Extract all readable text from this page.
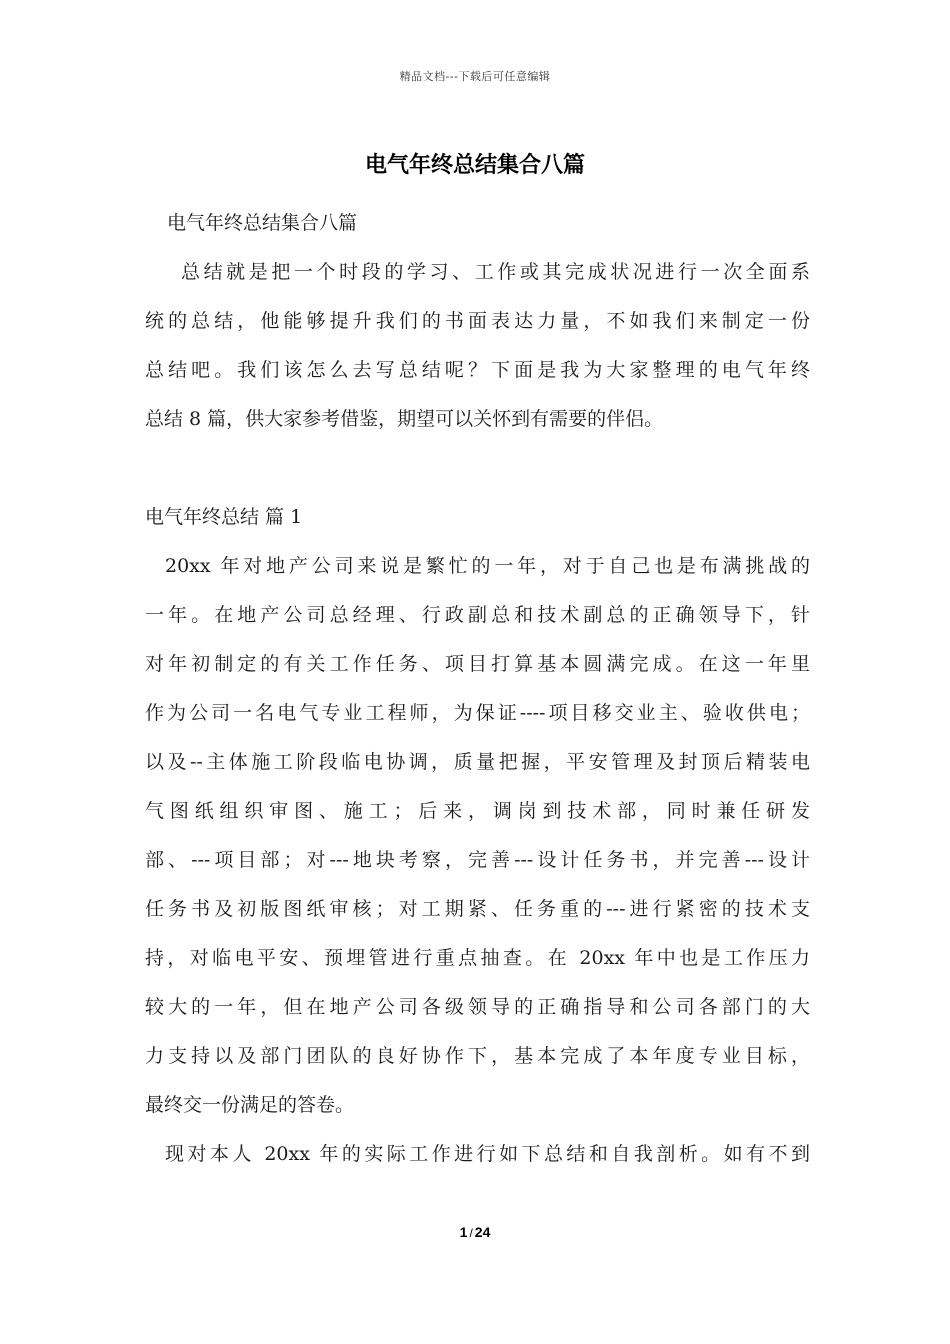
精品文档---下载后可任意编辑
电气年终总结集合八篇
电气年终总结集合八篇
总结就是把一个时段的学习、工作或其完成状况进行一次全面系
统的总结，他能够提升我们的书面表达力量，不如我们来制定一份
总结吧。我们该怎么去写总结呢？下面是我为大家整理的电气年终
总结 8 篇，供大家参考借鉴，期望可以关怀到有需要的伴侣。
电气年终总结 篇 1
20xx 年对地产公司来说是繁忙的一年，对于自己也是布满挑战的
一年。在地产公司总经理、行政副总和技术副总的正确领导下，针
对年初制定的有关工作任务、项目打算基本圆满完成。在这一年里
作为公司一名电气专业工程师，为保证----项目移交业主、验收供电；
以及--主体施工阶段临电协调，质量把握，平安管理及封顶后精装电
气图纸组织审图、施工；后来，调岗到技术部，同时兼任研发
部、---项目部；对---地块考察，完善---设计任务书，并完善---设计
任务书及初版图纸审核；对工期紧、任务重的---进行紧密的技术支
持，对临电平安、预埋管进行重点抽查。在 20xx 年中也是工作压力
较大的一年，但在地产公司各级领导的正确指导和公司各部门的大
力支持以及部门团队的良好协作下，基本完成了本年度专业目标，
最终交一份满足的答卷。
现对本人 20xx 年的实际工作进行如下总结和自我剖析。如有不到
1 / 24
